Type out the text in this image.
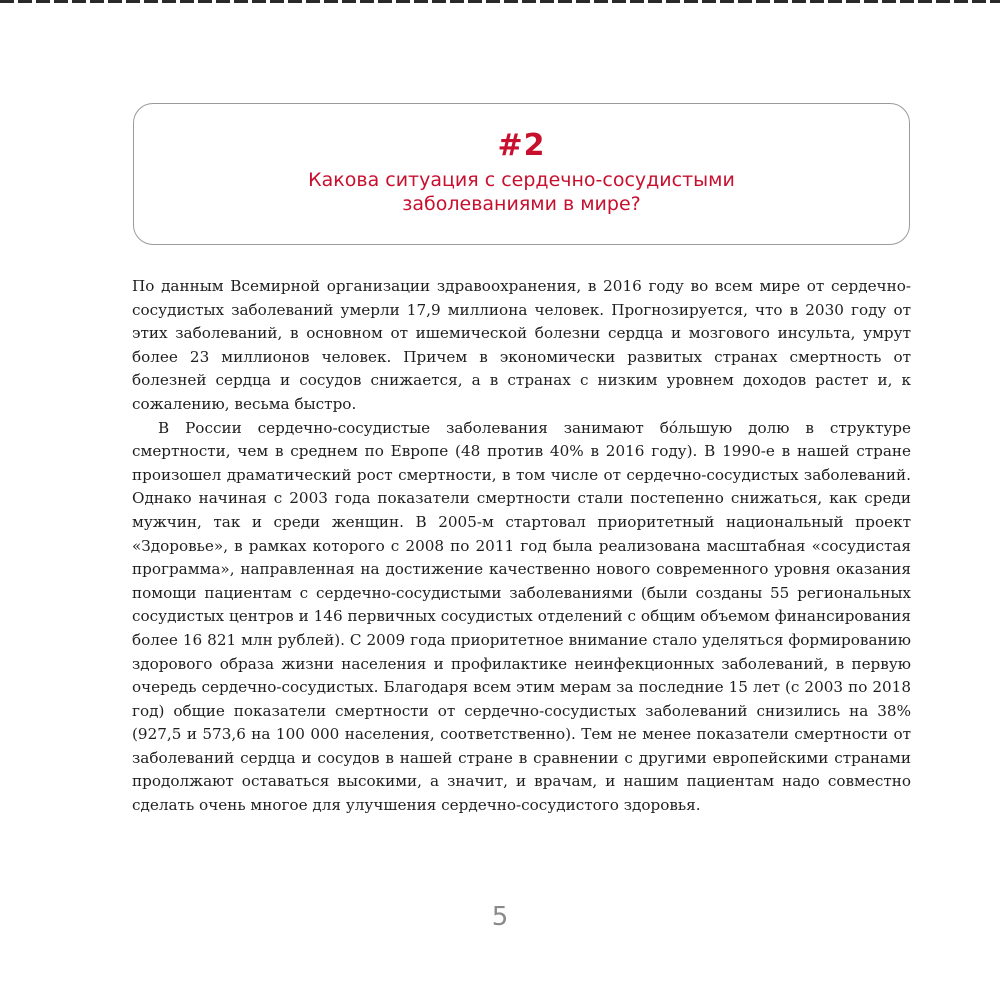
#2
Какова ситуация с сердечно-сосудистыми
заболеваниями в мире?

По данным Всемирной организации здравоохранения, в 2016 году во всем мире от сердечно-сосудистых заболеваний умерли 17,9 миллиона человек. Прогнозируется, что в 2030 году от этих заболеваний, в основном от ишемической болезни сердца и мозгового инсульта, умрут более 23 миллионов человек. Причем в экономически развитых странах смертность от болезней сердца и сосудов снижается, а в странах с низким уровнем доходов растет и, к сожалению, весьма быстро.

В России сердечно-сосудистые заболевания занимают бо́льшую долю в структуре смертности, чем в среднем по Европе (48 против 40% в 2016 году). В 1990-е в нашей стране произошел драматический рост смертности, в том числе от сердечно-сосудистых заболеваний. Однако начиная с 2003 года показатели смертности стали постепенно снижаться, как среди мужчин, так и среди женщин. В 2005-м стартовал приоритетный национальный проект «Здоровье», в рамках которого с 2008 по 2011 год была реализована масштабная «сосудистая программа», направленная на достижение качественно нового современного уровня оказания помощи пациентам с сердечно-сосудистыми заболеваниями (были созданы 55 региональных сосудистых центров и 146 первичных сосудистых отделений с общим объемом финансирования более 16 821 млн рублей). С 2009 года приоритетное внимание стало уделяться формированию здорового образа жизни населения и профилактике неинфекционных заболеваний, в первую очередь сердечно-сосудистых. Благодаря всем этим мерам за последние 15 лет (с 2003 по 2018 год) общие показатели смертности от сердечно-сосудистых заболеваний снизились на 38% (927,5 и 573,6 на 100 000 населения, соответственно). Тем не менее показатели смертности от заболеваний сердца и сосудов в нашей стране в сравнении с другими европейскими странами продолжают оставаться высокими, а значит, и врачам, и нашим пациентам надо совместно сделать очень многое для улучшения сердечно-сосудистого здоровья.

5
